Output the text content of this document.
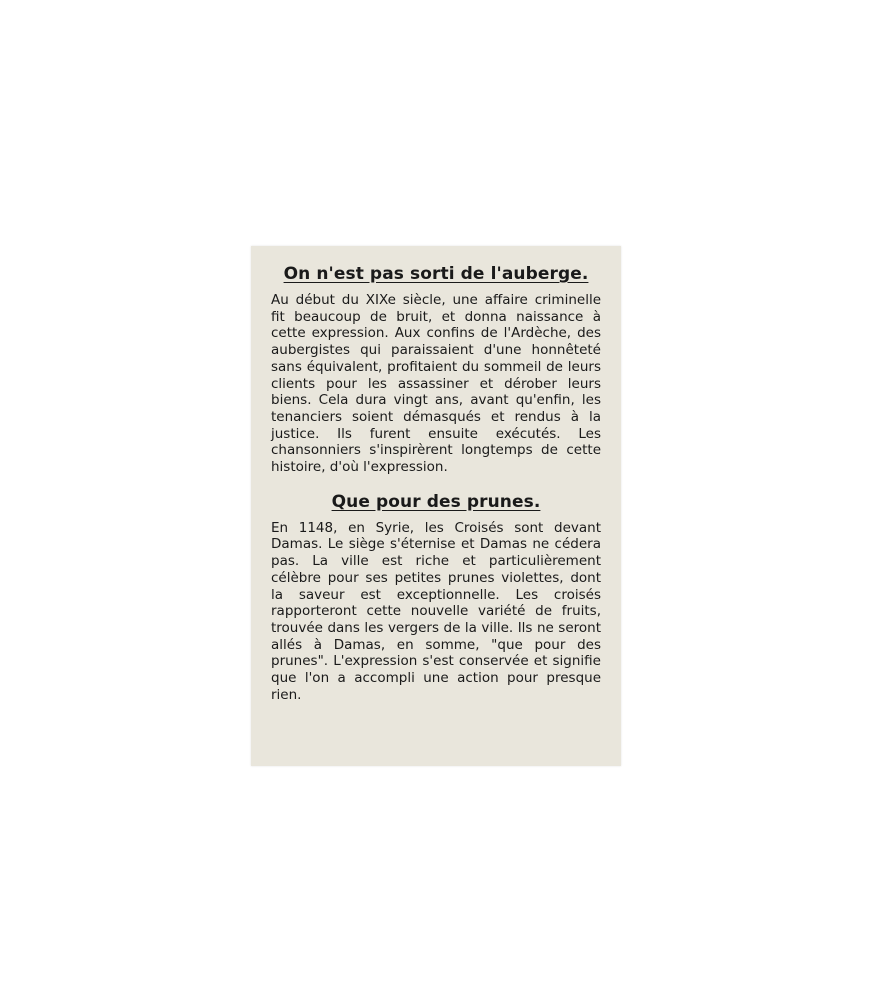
On n'est pas sorti de l'auberge.

Au début du XIXe siècle, une affaire criminelle fit beaucoup de bruit, et donna naissance à cette expression. Aux confins de l'Ardèche, des aubergistes qui paraissaient d'une honnêteté sans équivalent, profitaient du sommeil de leurs clients pour les assassiner et dérober leurs biens. Cela dura vingt ans, avant qu'enfin, les tenanciers soient démasqués et rendus à la justice. Ils furent ensuite exécutés. Les chansonniers s'inspirèrent longtemps de cette histoire, d'où l'expression.

Que pour des prunes.

En 1148, en Syrie, les Croisés sont devant Damas. Le siège s'éternise et Damas ne cédera pas. La ville est riche et particulièrement célèbre pour ses petites prunes violettes, dont la saveur est exceptionnelle. Les croisés rapporteront cette nouvelle variété de fruits, trouvée dans les vergers de la ville. Ils ne seront allés à Damas, en somme, "que pour des prunes". L'expression s'est conservée et signifie que l'on a accompli une action pour presque rien.
